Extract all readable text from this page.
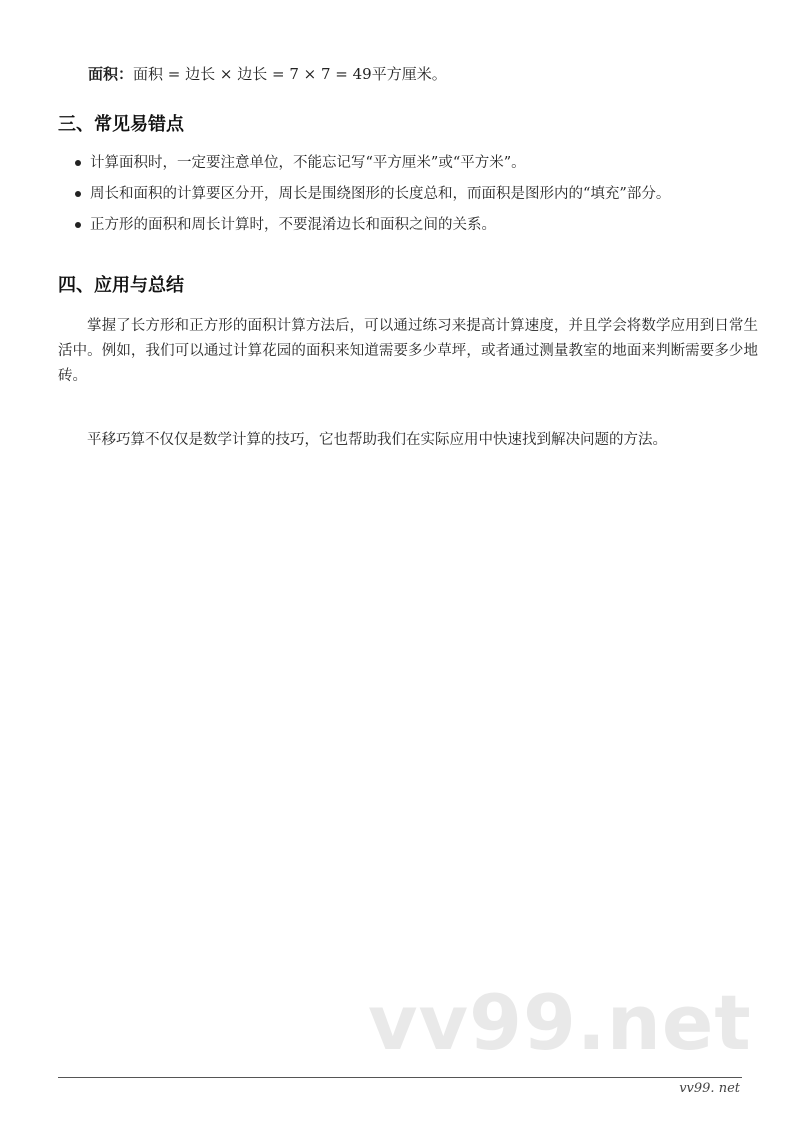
面积：面积 = 边长 × 边长 = 7 × 7 = 49平方厘米。
三、常见易错点
计算面积时，一定要注意单位，不能忘记写“平方厘米”或“平方米”。
周长和面积的计算要区分开，周长是围绕图形的长度总和，而面积是图形内的“填充”部分。
正方形的面积和周长计算时，不要混淆边长和面积之间的关系。
四、应用与总结

掌握了长方形和正方形的面积计算方法后，可以通过练习来提高计算速度，并且学会将数学应用到日常生活中。例如，我们可以通过计算花园的面积来知道需要多少草坪，或者通过测量教室的地面来判断需要多少地砖。

平移巧算不仅仅是数学计算的技巧，它也帮助我们在实际应用中快速找到解决问题的方法。

vv99.net
vv99. net
